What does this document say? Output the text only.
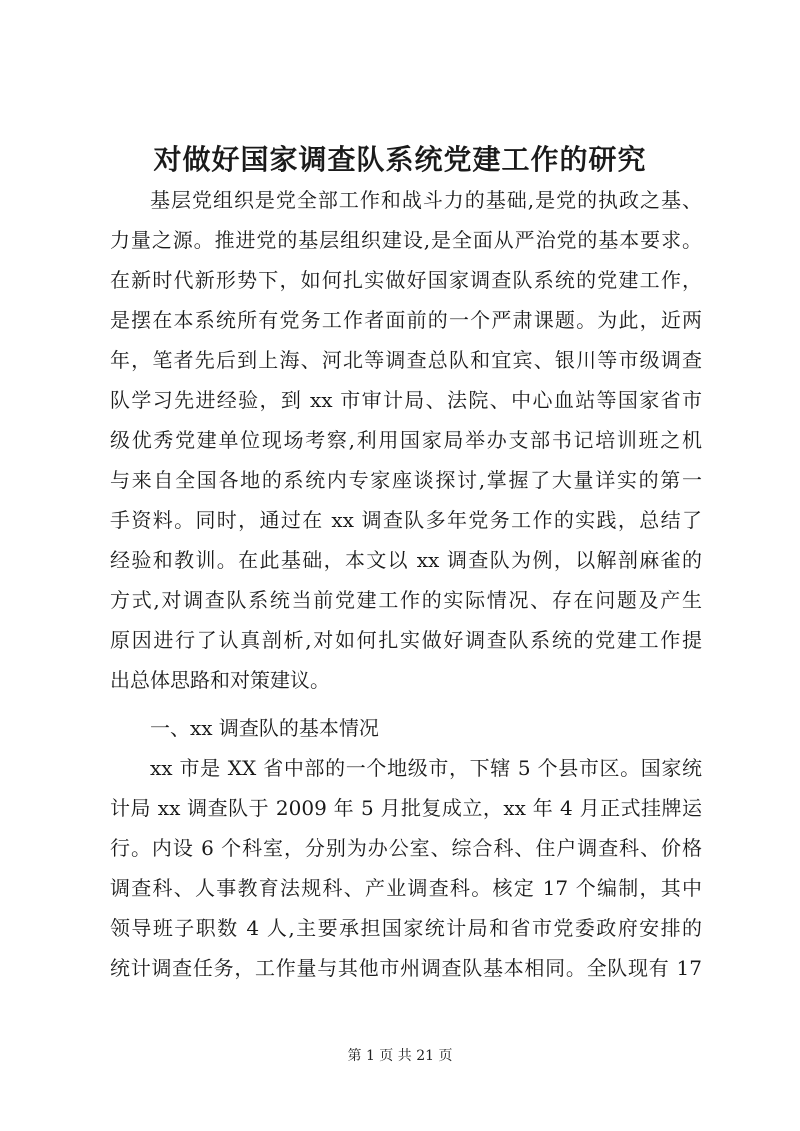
对做好国家调查队系统党建工作的研究
基层党组织是党全部工作和战斗力的基础,是党的执政之基、
力量之源。推进党的基层组织建设,是全面从严治党的基本要求。
在新时代新形势下，如何扎实做好国家调查队系统的党建工作，
是摆在本系统所有党务工作者面前的一个严肃课题。为此，近两
年，笔者先后到上海、河北等调查总队和宜宾、银川等市级调查
队学习先进经验，到 xx 市审计局、法院、中心血站等国家省市
级优秀党建单位现场考察,利用国家局举办支部书记培训班之机
与来自全国各地的系统内专家座谈探讨,掌握了大量详实的第一
手资料。同时，通过在 xx 调查队多年党务工作的实践，总结了
经验和教训。在此基础，本文以 xx 调查队为例，以解剖麻雀的
方式,对调查队系统当前党建工作的实际情况、存在问题及产生
原因进行了认真剖析,对如何扎实做好调查队系统的党建工作提
出总体思路和对策建议。
一、xx 调查队的基本情况
xx 市是 XX 省中部的一个地级市，下辖 5 个县市区。国家统
计局 xx 调查队于 2009 年 5 月批复成立，xx 年 4 月正式挂牌运
行。内设 6 个科室，分别为办公室、综合科、住户调查科、价格
调查科、人事教育法规科、产业调查科。核定 17 个编制，其中
领导班子职数 4 人,主要承担国家统计局和省市党委政府安排的
统计调查任务，工作量与其他市州调查队基本相同。全队现有 17
第 1 页 共 21 页
